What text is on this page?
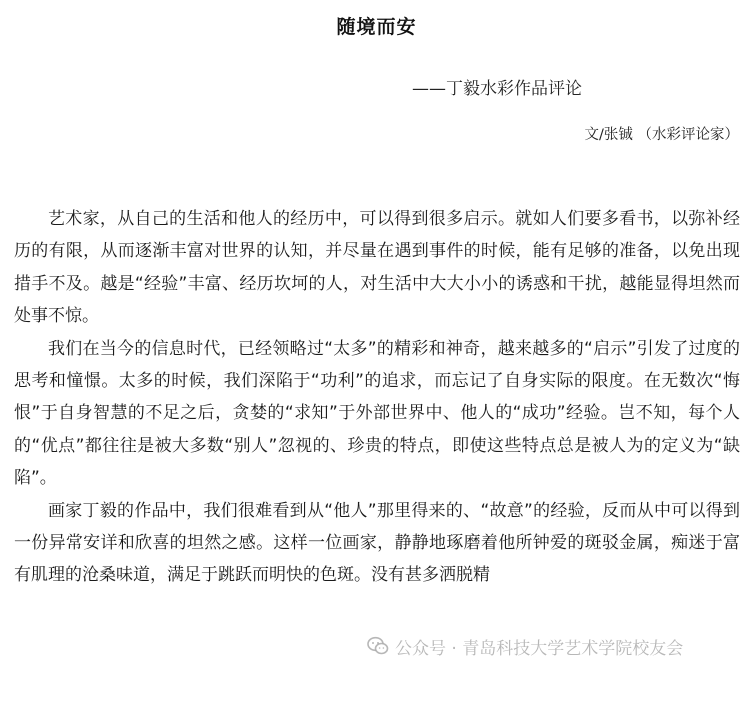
随境而安
——丁毅水彩作品评论
文/张铖 （水彩评论家）

艺术家，从自己的生活和他人的经历中，可以得到很多启示。就如人们要多看书，以弥补经历的有限，从而逐渐丰富对世界的认知，并尽量在遇到事件的时候，能有足够的准备，以免出现措手不及。越是“经验”丰富、经历坎坷的人，对生活中大大小小的诱惑和干扰，越能显得坦然而处事不惊。

我们在当今的信息时代，已经领略过“太多”的精彩和神奇，越来越多的“启示”引发了过度的思考和憧憬。太多的时候，我们深陷于“功利”的追求，而忘记了自身实际的限度。在无数次“悔恨”于自身智慧的不足之后，贪婪的“求知”于外部世界中、他人的“成功”经验。岂不知，每个人的“优点”都往往是被大多数“别人”忽视的、珍贵的特点，即使这些特点总是被人为的定义为“缺陷”。

画家丁毅的作品中，我们很难看到从“他人”那里得来的、“故意”的经验，反而从中可以得到一份异常安详和欣喜的坦然之感。这样一位画家，静静地琢磨着他所钟爱的斑驳金属，痴迷于富有肌理的沧桑味道，满足于跳跃而明快的色斑。没有甚多洒脱精

公众号 · 青岛科技大学艺术学院校友会
